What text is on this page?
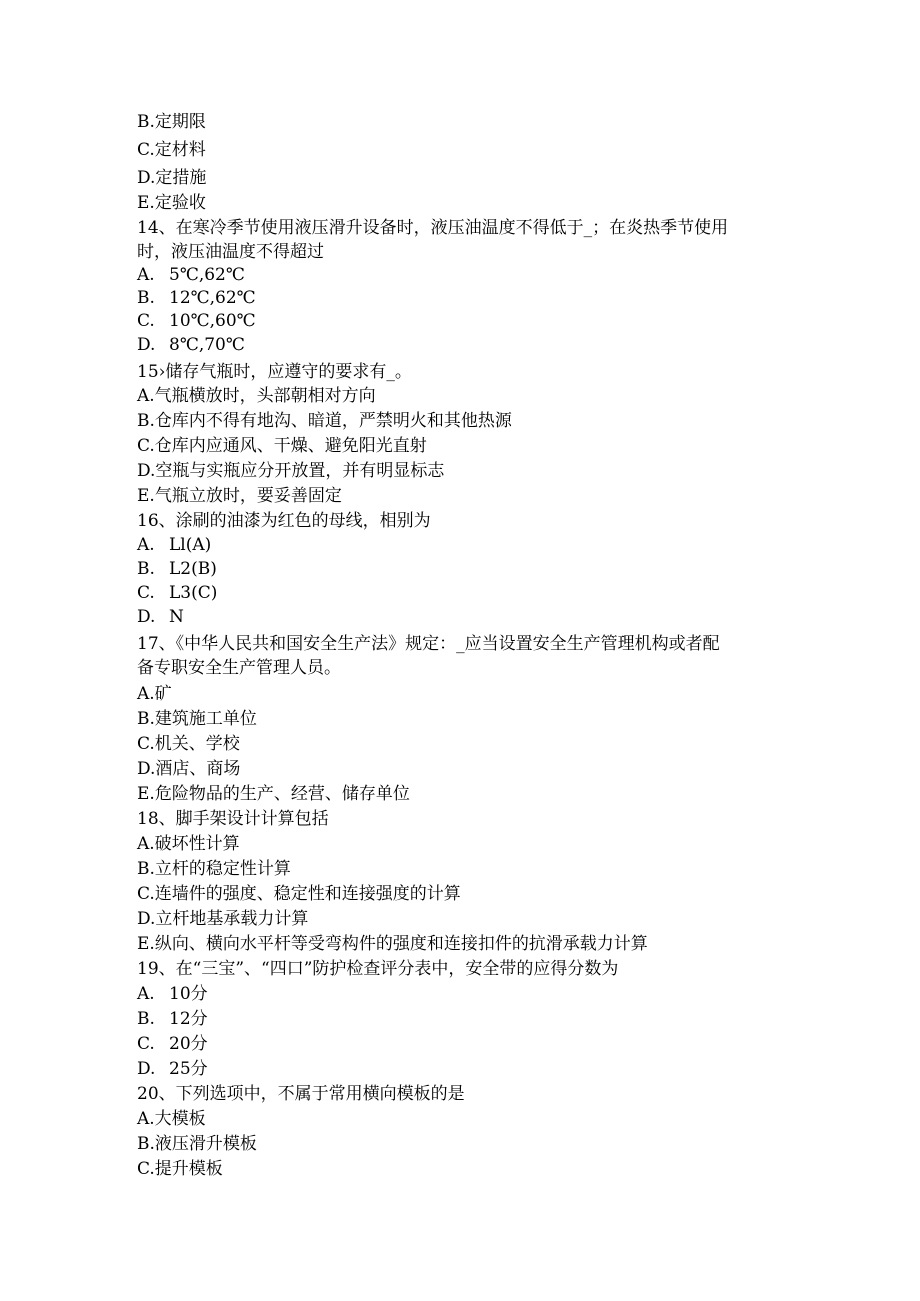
B.定期限
C.定材料
D.定措施
E.定验收
14、在寒冷季节使用液压滑升设备时，液压油温度不得低于_；在炎热季节使用
时，液压油温度不得超过
A. 5℃,62℃
B. 12℃,62℃
C. 10℃,60℃
D. 8℃,70℃
15›储存气瓶时，应遵守的要求有_。
A.气瓶横放时，头部朝相对方向
B.仓库内不得有地沟、暗道，严禁明火和其他热源
C.仓库内应通风、干燥、避免阳光直射
D.空瓶与实瓶应分开放置，并有明显标志
E.气瓶立放时，要妥善固定
16、涂刷的油漆为红色的母线，相别为
A. Ll(A)
B. L2(B)
C. L3(C)
D. N
17、《中华人民共和国安全生产法》规定：_应当设置安全生产管理机构或者配
备专职安全生产管理人员。
A.矿
B.建筑施工单位
C.机关、学校
D.酒店、商场
E.危险物品的生产、经营、储存单位
18、脚手架设计计算包括
A.破坏性计算
B.立杆的稳定性计算
C.连墙件的强度、稳定性和连接强度的计算
D.立杆地基承载力计算
E.纵向、横向水平杆等受弯构件的强度和连接扣件的抗滑承载力计算
19、在“三宝”、“四口”防护检查评分表中，安全带的应得分数为
A. 10分
B. 12分
C. 20分
D. 25分
20、下列选项中，不属于常用横向模板的是
A.大模板
B.液压滑升模板
C.提升模板
